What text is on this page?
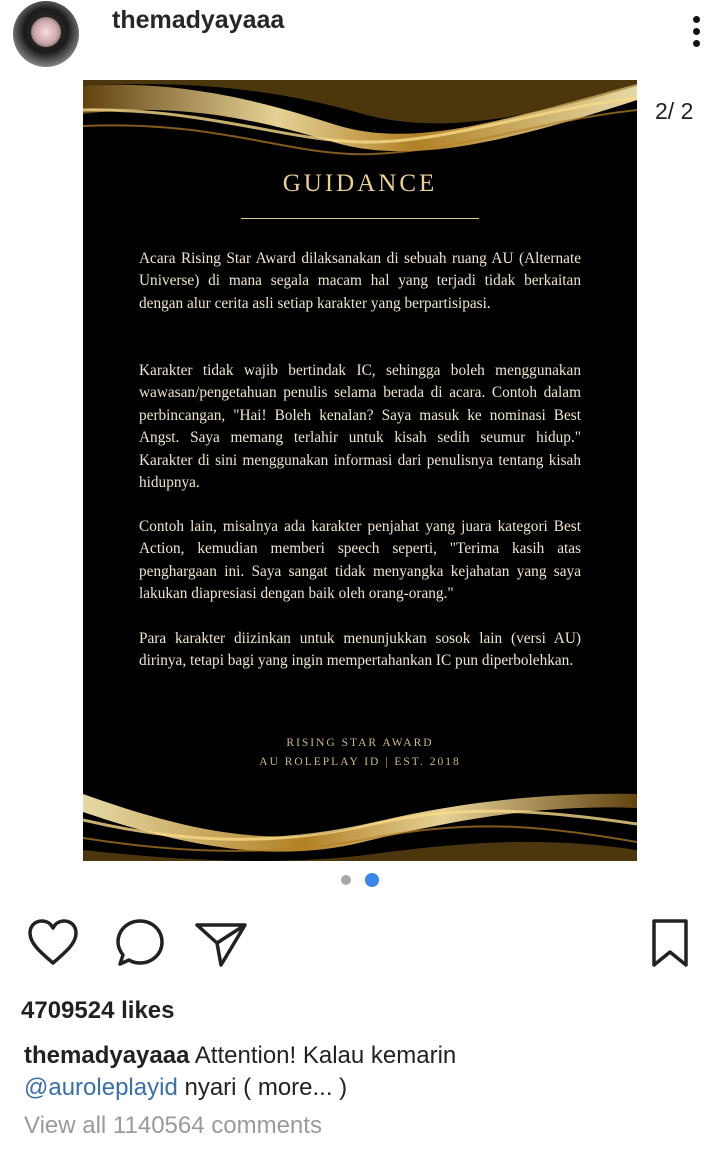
themadyayaaa
GUIDANCE
Acara Rising Star Award dilaksanakan di sebuah ruang AU (Alternate Universe) di mana segala macam hal yang terjadi tidak berkaitan dengan alur cerita asli setiap karakter yang berpartisipasi.
Karakter tidak wajib bertindak IC, sehingga boleh menggunakan wawasan/pengetahuan penulis selama berada di acara. Contoh dalam perbincangan, "Hai! Boleh kenalan? Saya masuk ke nominasi Best Angst. Saya memang terlahir untuk kisah sedih seumur hidup." Karakter di sini menggunakan informasi dari penulisnya tentang kisah hidupnya.
Contoh lain, misalnya ada karakter penjahat yang juara kategori Best Action, kemudian memberi speech seperti, "Terima kasih atas penghargaan ini. Saya sangat tidak menyangka kejahatan yang saya lakukan diapresiasi dengan baik oleh orang-orang."
Para karakter diizinkan untuk menunjukkan sosok lain (versi AU) dirinya, tetapi bagi yang ingin mempertahankan IC pun diperbolehkan.
RISING STAR AWARD
AU ROLEPLAY ID | EST. 2018
2/ 2
4709524 likes
themadyayaaa Attention! Kalau kemarin
@auroleplayid nyari ( more... )
View all 1140564 comments
